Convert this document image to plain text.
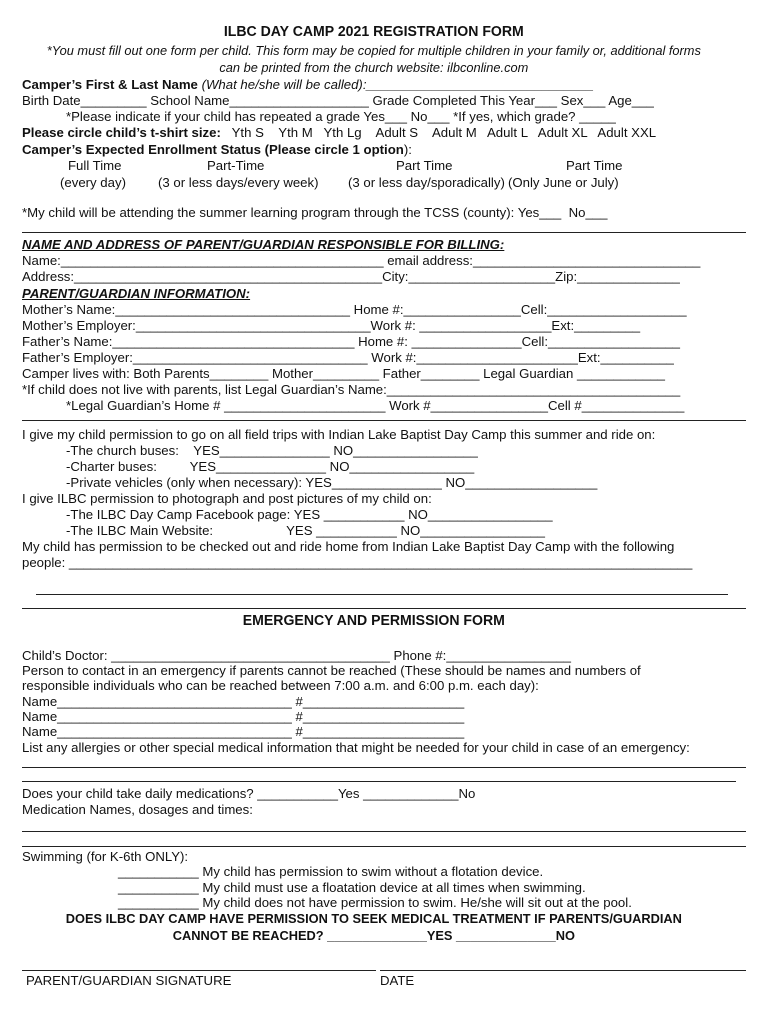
ILBC DAY CAMP 2021 REGISTRATION FORM
*You must fill out one form per child. This form may be copied for multiple children in your family or, additional forms
can be printed from the church website: ilbconline.com
Camper’s First & Last Name (What he/she will be called):_______________________________
Birth Date_________ School Name___________________ Grade Completed This Year___ Sex___ Age___
*Please indicate if your child has repeated a grade Yes___ No___ *If yes, which grade? _____
Please circle child’s t-shirt size:   Yth S    Yth M   Yth Lg    Adult S    Adult M   Adult L   Adult XL   Adult XXL
Camper’s Expected Enrollment Status (Please circle 1 option):
Full Time	Part-Time	Part Time	Part Time
(every day) (3 or less days/every week) (3 or less day/sporadically) (Only June or July)
*My child will be attending the summer learning program through the TCSS (county): Yes___  No___
NAME AND ADDRESS OF PARENT/GUARDIAN RESPONSIBLE FOR BILLING:
Name:____________________________________________ email address:_______________________________
Address:__________________________________________City:____________________Zip:______________
PARENT/GUARDIAN INFORMATION:
Mother’s Name:________________________________ Home #:________________Cell:___________________
Mother’s Employer:________________________________Work #: __________________Ext:_________
Father’s Name:_________________________________ Home #: _______________Cell:__________________
Father’s Employer:________________________________ Work #:______________________Ext:__________
Camper lives with: Both Parents________ Mother_________ Father________ Legal Guardian ____________
*If child does not live with parents, list Legal Guardian’s Name:________________________________________
*Legal Guardian’s Home # ______________________ Work #________________Cell #______________
I give my child permission to go on all field trips with Indian Lake Baptist Day Camp this summer and ride on:
-The church buses:    YES_______________ NO_________________
-Charter buses:         YES_______________ NO_________________
-Private vehicles (only when necessary): YES_______________ NO__________________
I give ILBC permission to photograph and post pictures of my child on:
-The ILBC Day Camp Facebook page: YES ___________ NO_________________
-The ILBC Main Website:                    YES ___________ NO_________________
My child has permission to be checked out and ride home from Indian Lake Baptist Day Camp with the following
people: _____________________________________________________________________________________
EMERGENCY AND PERMISSION FORM
Child’s Doctor: ______________________________________ Phone #:_________________
Person to contact in an emergency if parents cannot be reached (These should be names and numbers of
responsible individuals who can be reached between 7:00 a.m. and 6:00 p.m. each day):
Name________________________________ #______________________
Name________________________________ #______________________
Name________________________________ #______________________
List any allergies or other special medical information that might be needed for your child in case of an emergency:
Does your child take daily medications? ___________Yes _____________No
Medication Names, dosages and times:
Swimming (for K-6th ONLY):
___________ My child has permission to swim without a flotation device.
___________ My child must use a floatation device at all times when swimming.
___________ My child does not have permission to swim. He/she will sit out at the pool.
DOES ILBC DAY CAMP HAVE PERMISSION TO SEEK MEDICAL TREATMENT IF PARENTS/GUARDIAN
CANNOT BE REACHED? ______________YES ______________NO
PARENT/GUARDIAN SIGNATURE	DATE
